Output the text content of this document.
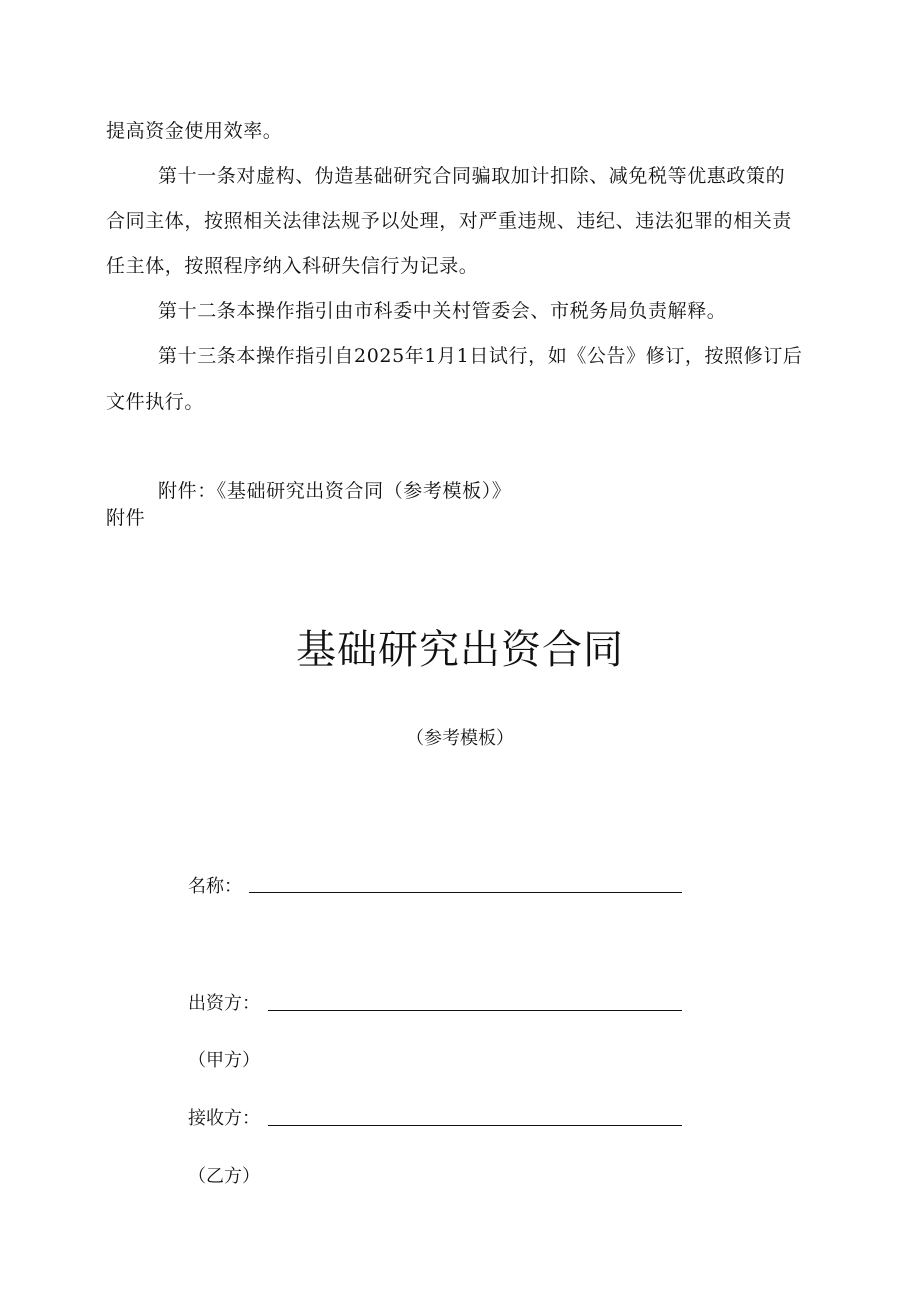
提高资金使用效率。
第十一条对虚构、伪造基础研究合同骗取加计扣除、减免税等优惠政策的
合同主体，按照相关法律法规予以处理，对严重违规、违纪、违法犯罪的相关责
任主体，按照程序纳入科研失信行为记录。
第十二条本操作指引由市科委中关村管委会、市税务局负责解释。
第十三条本操作指引自2025年1月1日试行，如《公告》修订，按照修订后
文件执行。
附件：《基础研究出资合同（参考模板）》
附件
基础研究出资合同
（参考模板）
名称：
出资方：
（甲方）
接收方：
（乙方）
